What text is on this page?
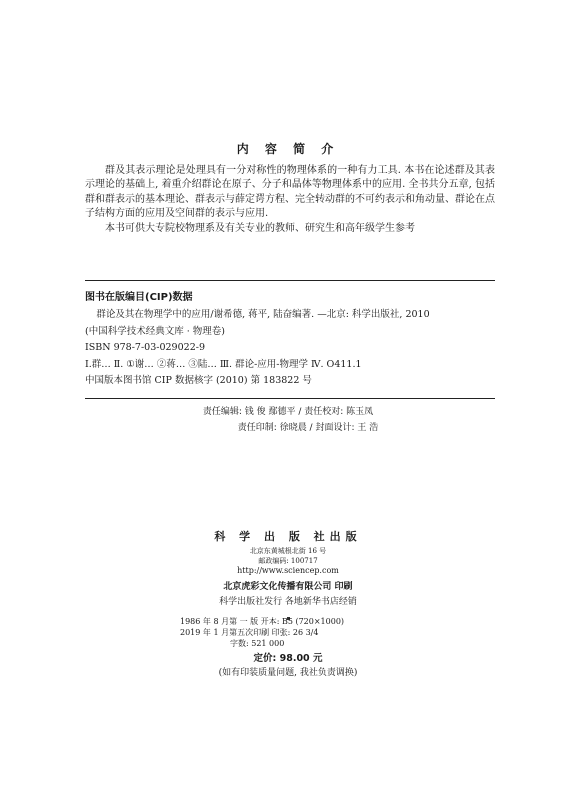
内 容 简 介

群及其表示理论是处理具有一分对称性的物理体系的一种有力工具. 本书在论述群及其表示理论的基础上, 着重介绍群论在原子、分子和晶体等物理体系中的应用. 全书共分五章, 包括群和群表示的基本理论、群表示与薛定谔方程、完全转动群的不可约表示和角动量、群论在点子结构方面的应用及空间群的表示与应用.

本书可供大专院校物理系及有关专业的教师、研究生和高年级学生参考

图书在版编目(CIP)数据
群论及其在物理学中的应用/谢希德, 蒋平, 陆奋编著. —北京: 科学出版社, 2010
(中国科学技术经典文库 · 物理卷)
ISBN 978-7-03-029022-9
Ⅰ.群… Ⅱ. ①谢… ②蒋… ③陆… Ⅲ. 群论-应用-物理学 Ⅳ. O411.1
中国版本图书馆 CIP 数据核字 (2010) 第 183822 号
责任编辑: 钱 俊 鄢德平 / 责任校对: 陈玉凤
责任印制: 徐晓晨 / 封面设计: 王 浩
科 学 出 版 社出版
北京东黄城根北街 16 号
邮政编码: 100717
http://www.sciencep.com
北京虎彩文化传播有限公司 印刷
科学出版社发行 各地新华书店经销
1986 年 8 月第 一 版 开本: B5 (720×1000)
2019 年 1 月第五次印刷 印张: 26 3/4
字数: 521 000
定价: 98.00 元
(如有印装质量问题, 我社负责调换)
